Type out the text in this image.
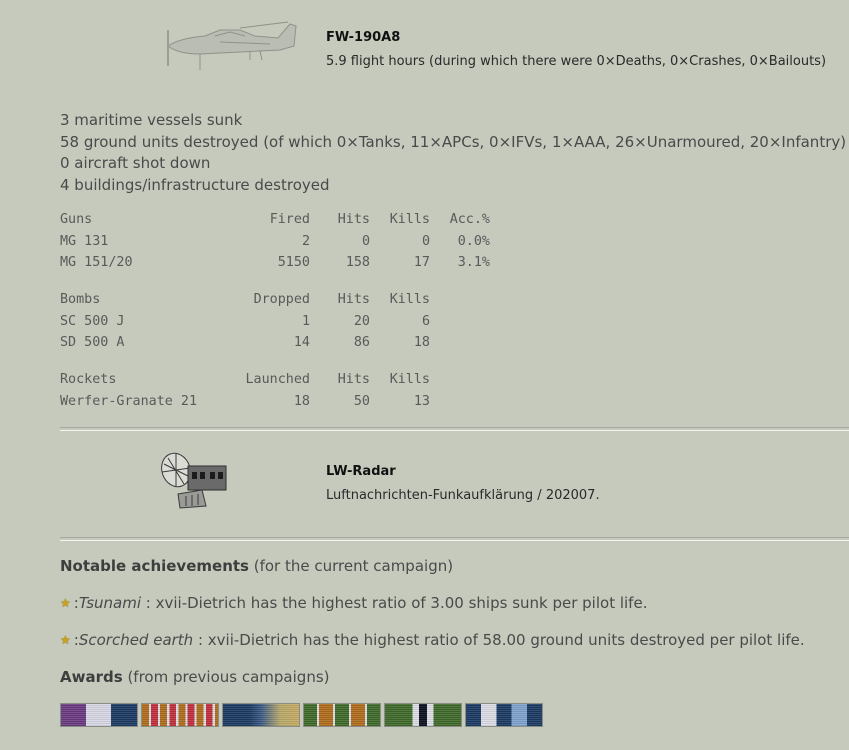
FW-190A8
5.9 flight hours (during which there were 0×Deaths, 0×Crashes, 0×Bailouts)
3 maritime vessels sunk
58 ground units destroyed (of which 0×Tanks, 11×APCs, 0×IFVs, 1×AAA, 26×Unarmoured, 20×Infantry)
0 aircraft shot down
4 buildings/infrastructure destroyed
Guns	Fired	Hits	Kills	Acc.%
MG 131	2	0	0	0.0%
MG 151/20	5150	158	17	3.1%
Bombs	Dropped	Hits	Kills
SC 500 J	1	20	6
SD 500 A	14	86	18
Rockets	Launched	Hits	Kills
Werfer-Granate 21	18	50	13
LW-Radar
Luftnachrichten-Funkaufklärung / 202007.
Notable achievements (for the current campaign)
★ : Tsunami : xvii-Dietrich has the highest ratio of 3.00 ships sunk per pilot life.
★ : Scorched earth : xvii-Dietrich has the highest ratio of 58.00 ground units destroyed per pilot life.
Awards (from previous campaigns)
